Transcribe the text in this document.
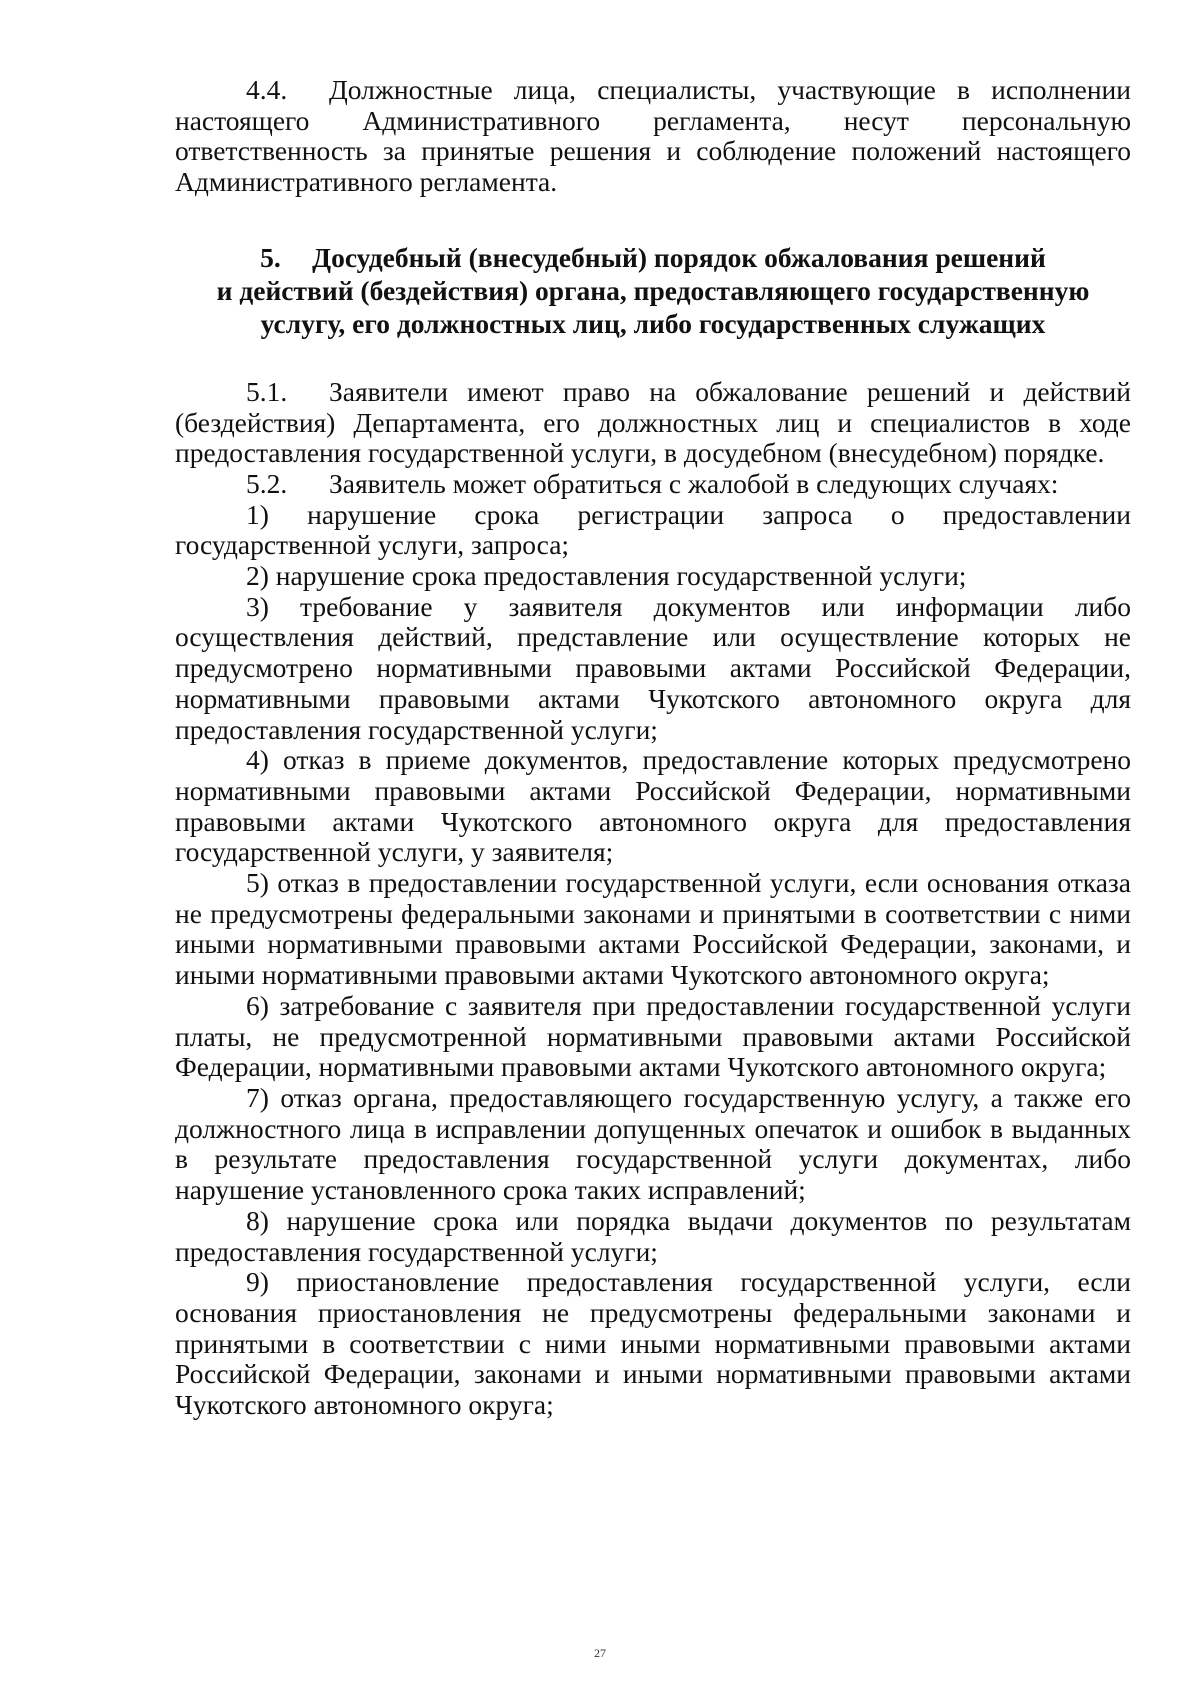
4.4. Должностные лица, специалисты, участвующие в исполнении настоящего Административного регламента, несут персональную ответственность за принятые решения и соблюдение положений настоящего Административного регламента.

5. Досудебный (внесудебный) порядок обжалования решений
и действий (бездействия) органа, предоставляющего государственную
услугу, его должностных лиц, либо государственных служащих

5.1. Заявители имеют право на обжалование решений и действий (бездействия) Департамента, его должностных лиц и специалистов в ходе предоставления государственной услуги, в досудебном (внесудебном) порядке.

5.2. Заявитель может обратиться с жалобой в следующих случаях:

1) нарушение срока регистрации запроса о предоставлении государственной услуги, запроса;

2) нарушение срока предоставления государственной услуги;

3) требование у заявителя документов или информации либо осуществления действий, представление или осуществление которых не предусмотрено нормативными правовыми актами Российской Федерации, нормативными правовыми актами Чукотского автономного округа для предоставления государственной услуги;

4) отказ в приеме документов, предоставление которых предусмотрено нормативными правовыми актами Российской Федерации, нормативными правовыми актами Чукотского автономного округа для предоставления государственной услуги, у заявителя;

5) отказ в предоставлении государственной услуги, если основания отказа не предусмотрены федеральными законами и принятыми в соответствии с ними иными нормативными правовыми актами Российской Федерации, законами, и иными нормативными правовыми актами Чукотского автономного округа;

6) затребование с заявителя при предоставлении государственной услуги платы, не предусмотренной нормативными правовыми актами Российской Федерации, нормативными правовыми актами Чукотского автономного округа;

7) отказ органа, предоставляющего государственную услугу, а также его должностного лица в исправлении допущенных опечаток и ошибок в выданных в результате предоставления государственной услуги документах, либо нарушение установленного срока таких исправлений;

8) нарушение срока или порядка выдачи документов по результатам предоставления государственной услуги;

9) приостановление предоставления государственной услуги, если основания приостановления не предусмотрены федеральными законами и принятыми в соответствии с ними иными нормативными правовыми актами Российской Федерации, законами и иными нормативными правовыми актами Чукотского автономного округа;

27
